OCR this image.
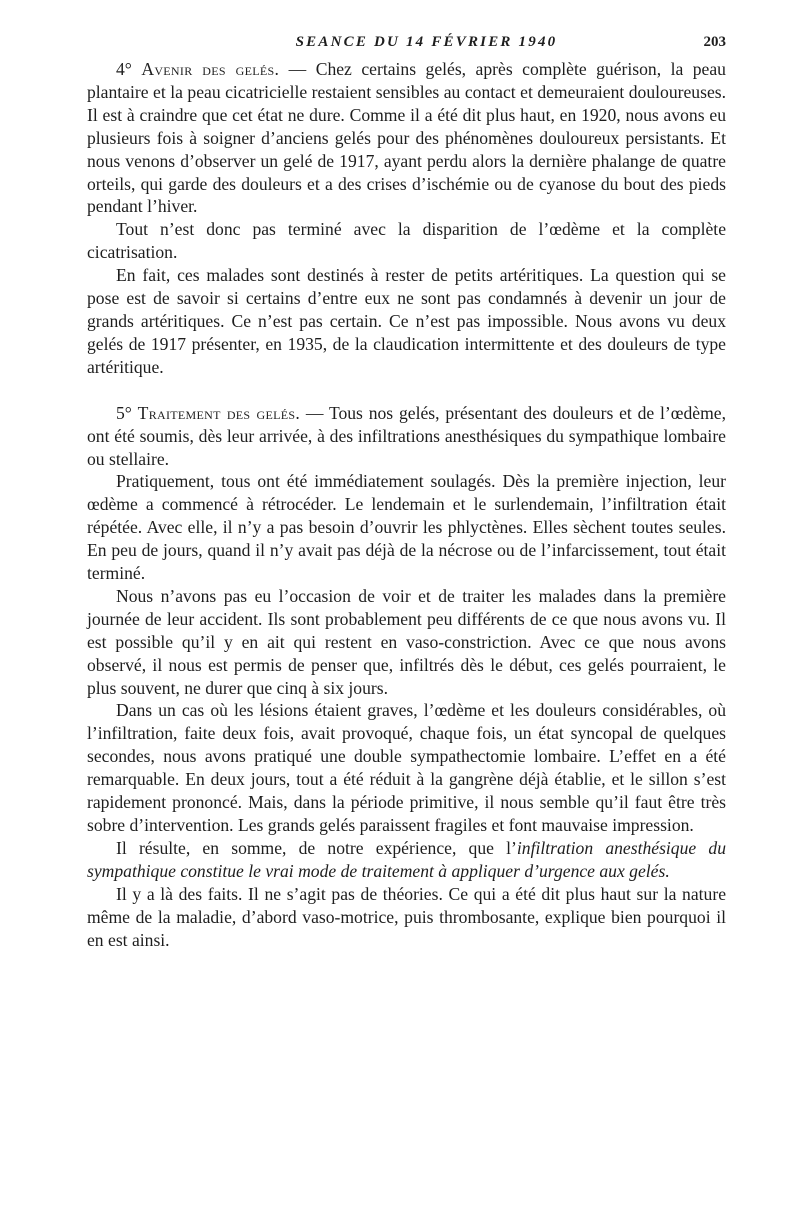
SEANCE DU 14 FÉVRIER 1940	203

4° Avenir des gelés. — Chez certains gelés, après complète guérison, la peau plantaire et la peau cicatricielle restaient sensibles au contact et demeuraient douloureuses. Il est à craindre que cet état ne dure. Comme il a été dit plus haut, en 1920, nous avons eu plusieurs fois à soigner d’anciens gelés pour des phénomènes douloureux persistants. Et nous venons d’observer un gelé de 1917, ayant perdu alors la dernière phalange de quatre orteils, qui garde des douleurs et a des crises d’ischémie ou de cyanose du bout des pieds pendant l’hiver.

Tout n’est donc pas terminé avec la disparition de l’œdème et la complète cicatrisation.

En fait, ces malades sont destinés à rester de petits artéritiques. La question qui se pose est de savoir si certains d’entre eux ne sont pas condamnés à devenir un jour de grands artéritiques. Ce n’est pas certain. Ce n’est pas impossible. Nous avons vu deux gelés de 1917 présenter, en 1935, de la claudication intermittente et des douleurs de type artéritique.

5° Traitement des gelés. — Tous nos gelés, présentant des douleurs et de l’œdème, ont été soumis, dès leur arrivée, à des infiltrations anesthésiques du sympathique lombaire ou stellaire.

Pratiquement, tous ont été immédiatement soulagés. Dès la première injection, leur œdème a commencé à rétrocéder. Le lendemain et le surlendemain, l’infiltration était répétée. Avec elle, il n’y a pas besoin d’ouvrir les phlyctènes. Elles sèchent toutes seules. En peu de jours, quand il n’y avait pas déjà de la nécrose ou de l’infarcissement, tout était terminé.

Nous n’avons pas eu l’occasion de voir et de traiter les malades dans la première journée de leur accident. Ils sont probablement peu différents de ce que nous avons vu. Il est possible qu’il y en ait qui restent en vaso-constriction. Avec ce que nous avons observé, il nous est permis de penser que, infiltrés dès le début, ces gelés pourraient, le plus souvent, ne durer que cinq à six jours.

Dans un cas où les lésions étaient graves, l’œdème et les douleurs considérables, où l’infiltration, faite deux fois, avait provoqué, chaque fois, un état syncopal de quelques secondes, nous avons pratiqué une double sympathectomie lombaire. L’effet en a été remarquable. En deux jours, tout a été réduit à la gangrène déjà établie, et le sillon s’est rapidement prononcé. Mais, dans la période primitive, il nous semble qu’il faut être très sobre d’intervention. Les grands gelés paraissent fragiles et font mauvaise impression.

Il résulte, en somme, de notre expérience, que l’infiltration anesthésique du sympathique constitue le vrai mode de traitement à appliquer d’urgence aux gelés.

Il y a là des faits. Il ne s’agit pas de théories. Ce qui a été dit plus haut sur la nature même de la maladie, d’abord vaso-motrice, puis thrombosante, explique bien pourquoi il en est ainsi.
